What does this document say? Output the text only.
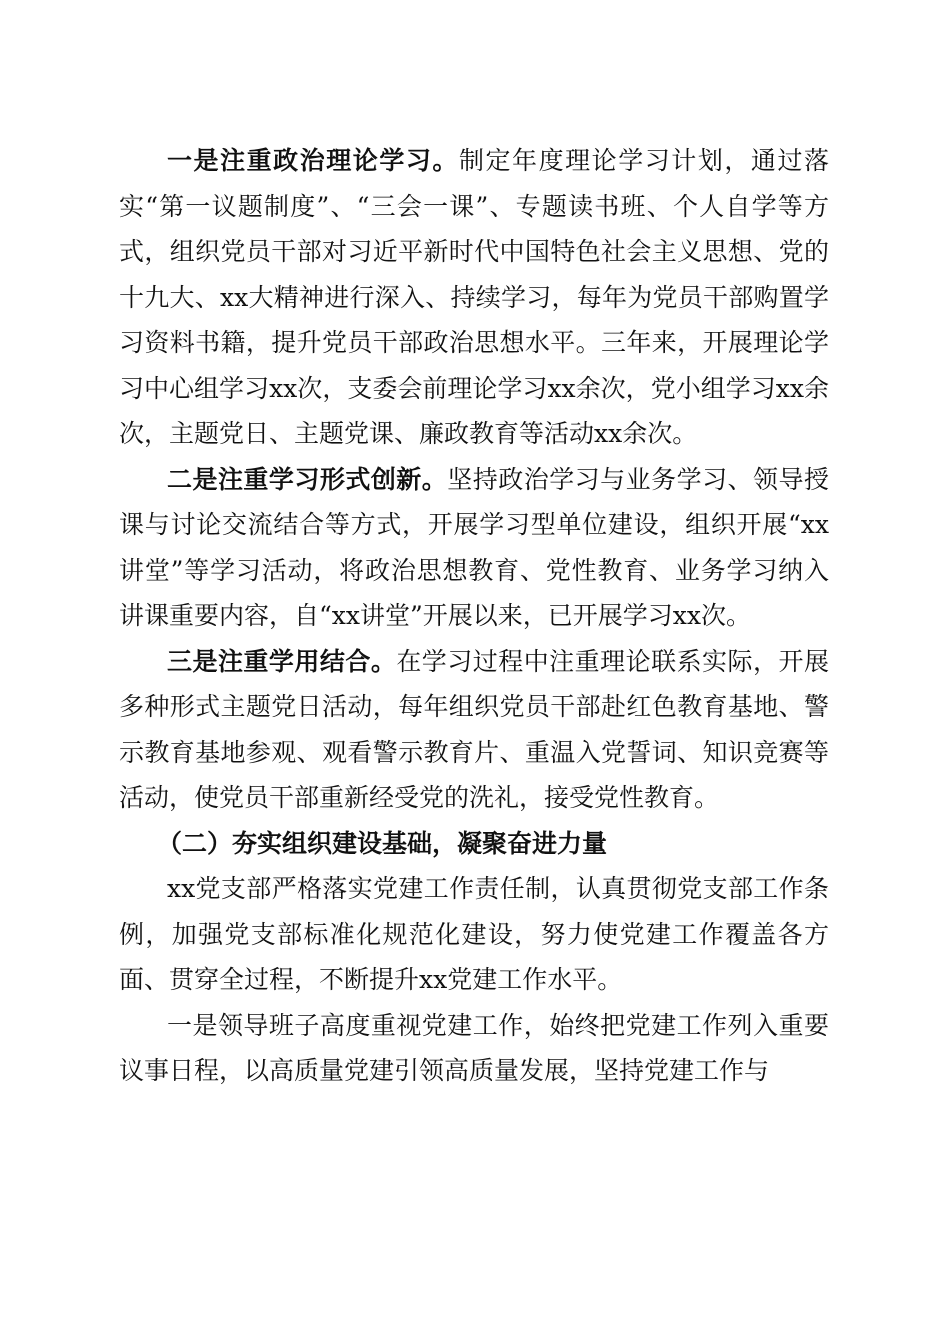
一是注重政治理论学习。制定年度理论学习计划，通过落实“第一议题制度”、“三会一课”、专题读书班、个人自学等方式，组织党员干部对习近平新时代中国特色社会主义思想、党的十九大、xx大精神进行深入、持续学习，每年为党员干部购置学习资料书籍，提升党员干部政治思想水平。三年来，开展理论学习中心组学习xx次，支委会前理论学习xx余次，党小组学习xx余次，主题党日、主题党课、廉政教育等活动xx余次。

二是注重学习形式创新。坚持政治学习与业务学习、领导授课与讨论交流结合等方式，开展学习型单位建设，组织开展“xx讲堂”等学习活动，将政治思想教育、党性教育、业务学习纳入讲课重要内容，自“xx讲堂”开展以来，已开展学习xx次。

三是注重学用结合。在学习过程中注重理论联系实际，开展多种形式主题党日活动，每年组织党员干部赴红色教育基地、警示教育基地参观、观看警示教育片、重温入党誓词、知识竞赛等活动，使党员干部重新经受党的洗礼，接受党性教育。

（二）夯实组织建设基础，凝聚奋进力量

xx党支部严格落实党建工作责任制，认真贯彻党支部工作条例，加强党支部标准化规范化建设，努力使党建工作覆盖各方面、贯穿全过程，不断提升xx党建工作水平。

一是领导班子高度重视党建工作，始终把党建工作列入重要议事日程，以高质量党建引领高质量发展，坚持党建工作与
